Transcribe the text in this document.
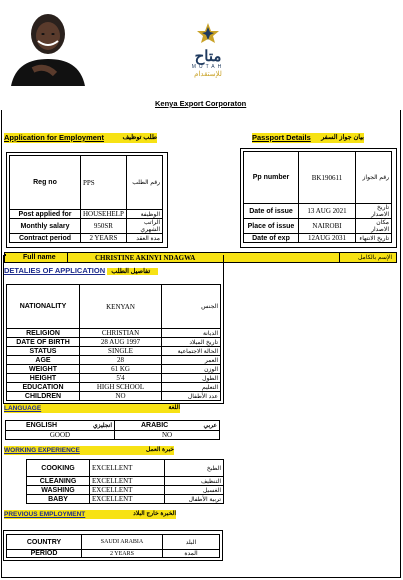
متاح
MUTAH
للإستقدام
Kenya Export Corporaton
Application for Employment	طلب توظيف	Passport Details بيان جواز السفر
Reg no	PPS	رقم الطلب
Post applied for	HOUSEHELP	الوظيفة
Monthly salary	950SR	الراتب الشهري
Contract period	2 YEARS	مدة العقد
Pp number	BK190611	رقم الجواز
Date of issue	13 AUG 2021	تاريخ الاصدار
Place of issue	NAIROBI	مكان الاصدار
Date of exp	12AUG 2031	تاريخ الانتهاء
Full name	CHRISTINE AKINYI NDAGWA	الإسم بالكامل
DETALIES OF APPLICATION تفاصيل الطلب
NATIONALITY	KENYAN	الجنس
RELIGION	CHRISTIAN	الديانة
DATE OF BIRTH	28 AUG 1997	تاريخ الميلاد
STATUS	SINGLE	الحالة الاجتماعية
AGE	28	العمر
WEIGHT	61 KG	الوزن
HEIGHT	5'4	الطول
EDUCATION	HIGH SCHOOL	التعليم
CHILDREN	NO	عدد الأطفال
LANGUAGE	اللغة
ENGLISH انجليزي	ARABIC عربي

GOOD	NO
WORKING EXPERIENCE	خبرة العمل
COOKING	EXCELLENT	الطبخ
CLEANING	EXCELLENT	التنظيف
WASHING	EXCELLENT	الغسيل
BABY	EXCELLENT	تربية الأطفال
PREVIOUS EMPLOYMENT	الخبرة خارج البلاد
COUNTRY	SAUDI ARABIA	البلد
PERIOD	2 YEARS	المدة
